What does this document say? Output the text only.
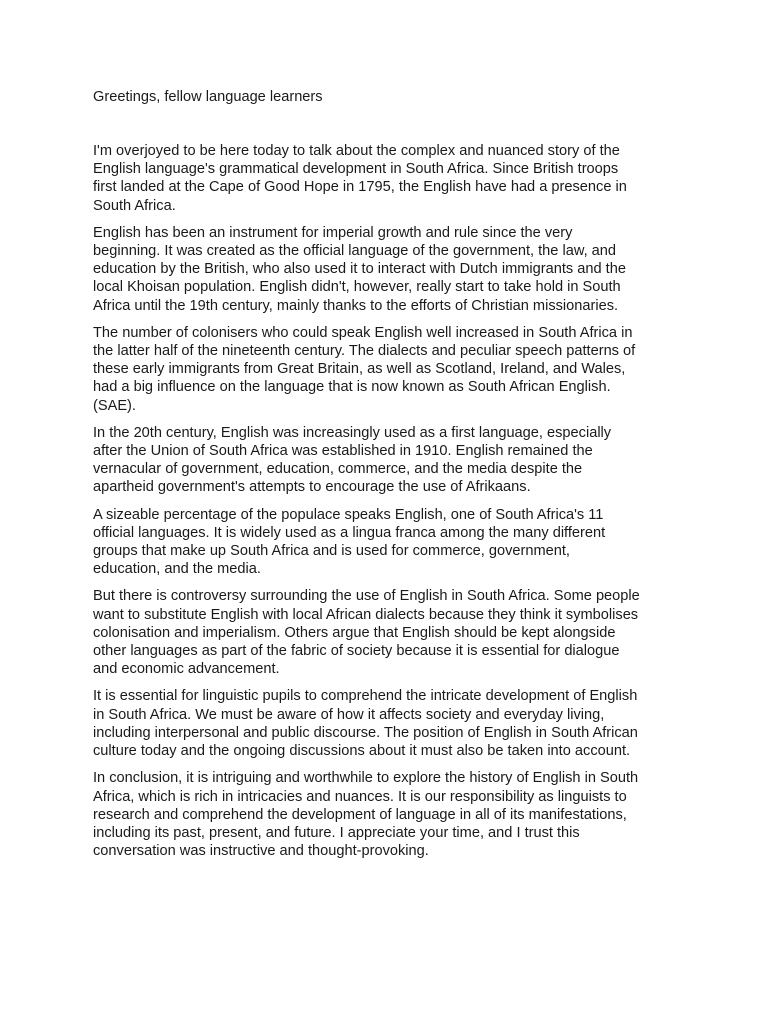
Greetings, fellow language learners

I'm overjoyed to be here today to talk about the complex and nuanced story of the
English language's grammatical development in South Africa. Since British troops
first landed at the Cape of Good Hope in 1795, the English have had a presence in
South Africa.

English has been an instrument for imperial growth and rule since the very
beginning. It was created as the official language of the government, the law, and
education by the British, who also used it to interact with Dutch immigrants and the
local Khoisan population. English didn't, however, really start to take hold in South
Africa until the 19th century, mainly thanks to the efforts of Christian missionaries.

The number of colonisers who could speak English well increased in South Africa in
the latter half of the nineteenth century. The dialects and peculiar speech patterns of
these early immigrants from Great Britain, as well as Scotland, Ireland, and Wales,
had a big influence on the language that is now known as South African English.
(SAE).

In the 20th century, English was increasingly used as a first language, especially
after the Union of South Africa was established in 1910. English remained the
vernacular of government, education, commerce, and the media despite the
apartheid government's attempts to encourage the use of Afrikaans.

A sizeable percentage of the populace speaks English, one of South Africa's 11
official languages. It is widely used as a lingua franca among the many different
groups that make up South Africa and is used for commerce, government,
education, and the media.

But there is controversy surrounding the use of English in South Africa. Some people
want to substitute English with local African dialects because they think it symbolises
colonisation and imperialism. Others argue that English should be kept alongside
other languages as part of the fabric of society because it is essential for dialogue
and economic advancement.

It is essential for linguistic pupils to comprehend the intricate development of English
in South Africa. We must be aware of how it affects society and everyday living,
including interpersonal and public discourse. The position of English in South African
culture today and the ongoing discussions about it must also be taken into account.

In conclusion, it is intriguing and worthwhile to explore the history of English in South
Africa, which is rich in intricacies and nuances. It is our responsibility as linguists to
research and comprehend the development of language in all of its manifestations,
including its past, present, and future. I appreciate your time, and I trust this
conversation was instructive and thought-provoking.
